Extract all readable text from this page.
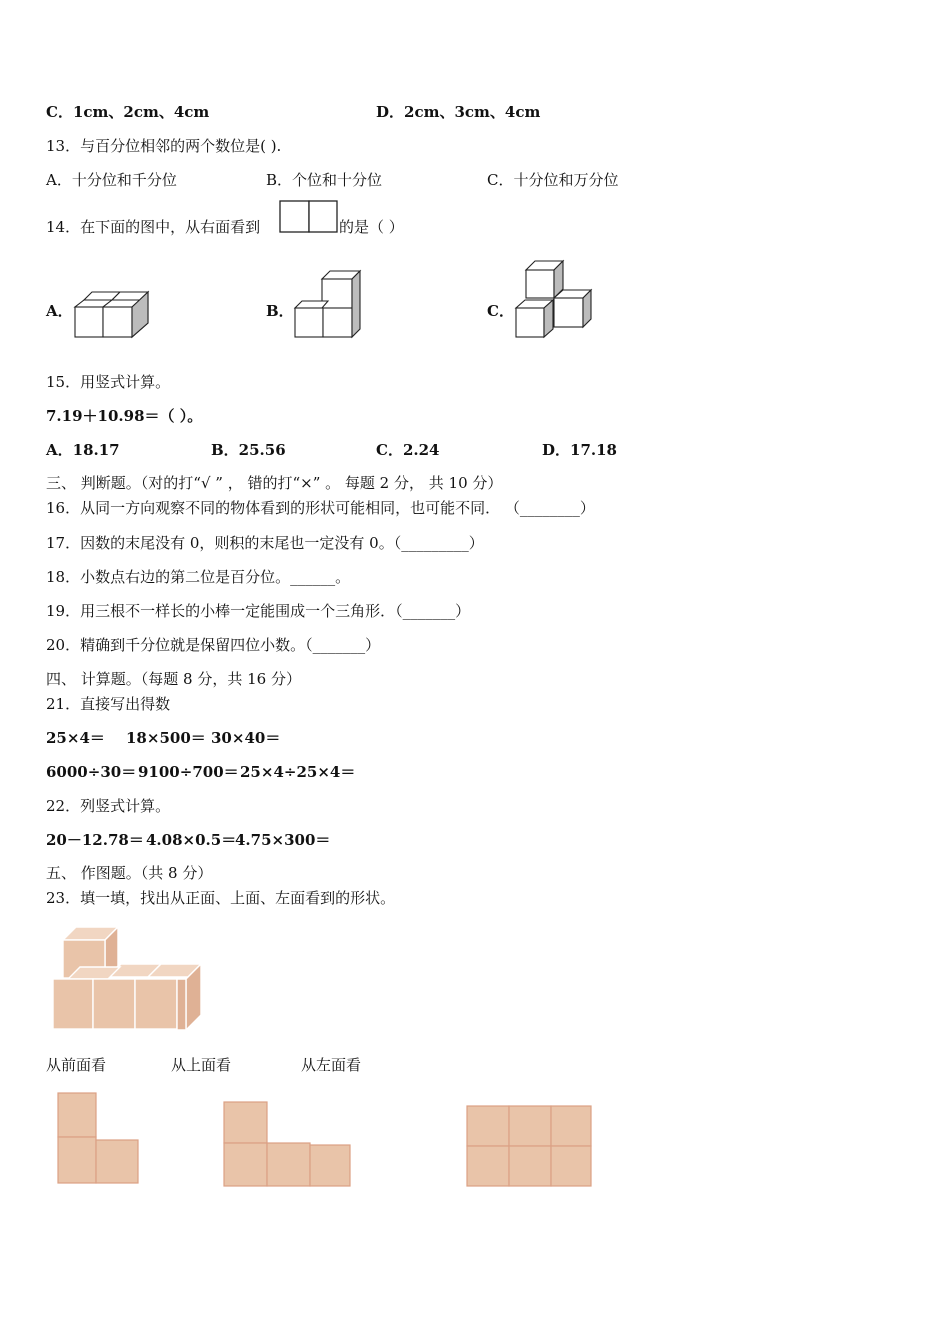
C．1cm、2cm、4cm	D．2cm、3cm、4cm
13．与百分位相邻的两个数位是( ).
A．十分位和千分位	B．个位和十分位	C．十分位和万分位
14．在下面的图中，从右面看到	的是（ ）
A．	B．	C．
15．用竖式计算。
7.19＋10.98＝（ ）。
A．18.17	B．25.56	C．2.24	D．17.18
三、 判断题。（对的打“√ ” ， 错的打“×” 。 每题 2 分， 共 10 分）
16．从同一方向观察不同的物体看到的形状可能相同，也可能不同． （________）
17．因数的末尾没有 0，则积的末尾也一定没有 0。（_________）
18．小数点右边的第二位是百分位。______。
19．用三根不一样长的小棒一定能围成一个三角形．（_______）
20．精确到千分位就是保留四位小数。（_______）
四、 计算题。（每题 8 分，共 16 分）
21．直接写出得数
25×4＝ 18×500＝ 30×40＝
6000÷30＝ 9100÷700＝ 25×4÷25×4＝
22．列竖式计算。
20－12.78＝ 4.08×0.5＝
4.75×300＝
五、 作图题。（共 8 分）
23．填一填，找出从正面、上面、左面看到的形状。
从前面看	从上面看	从左面看
